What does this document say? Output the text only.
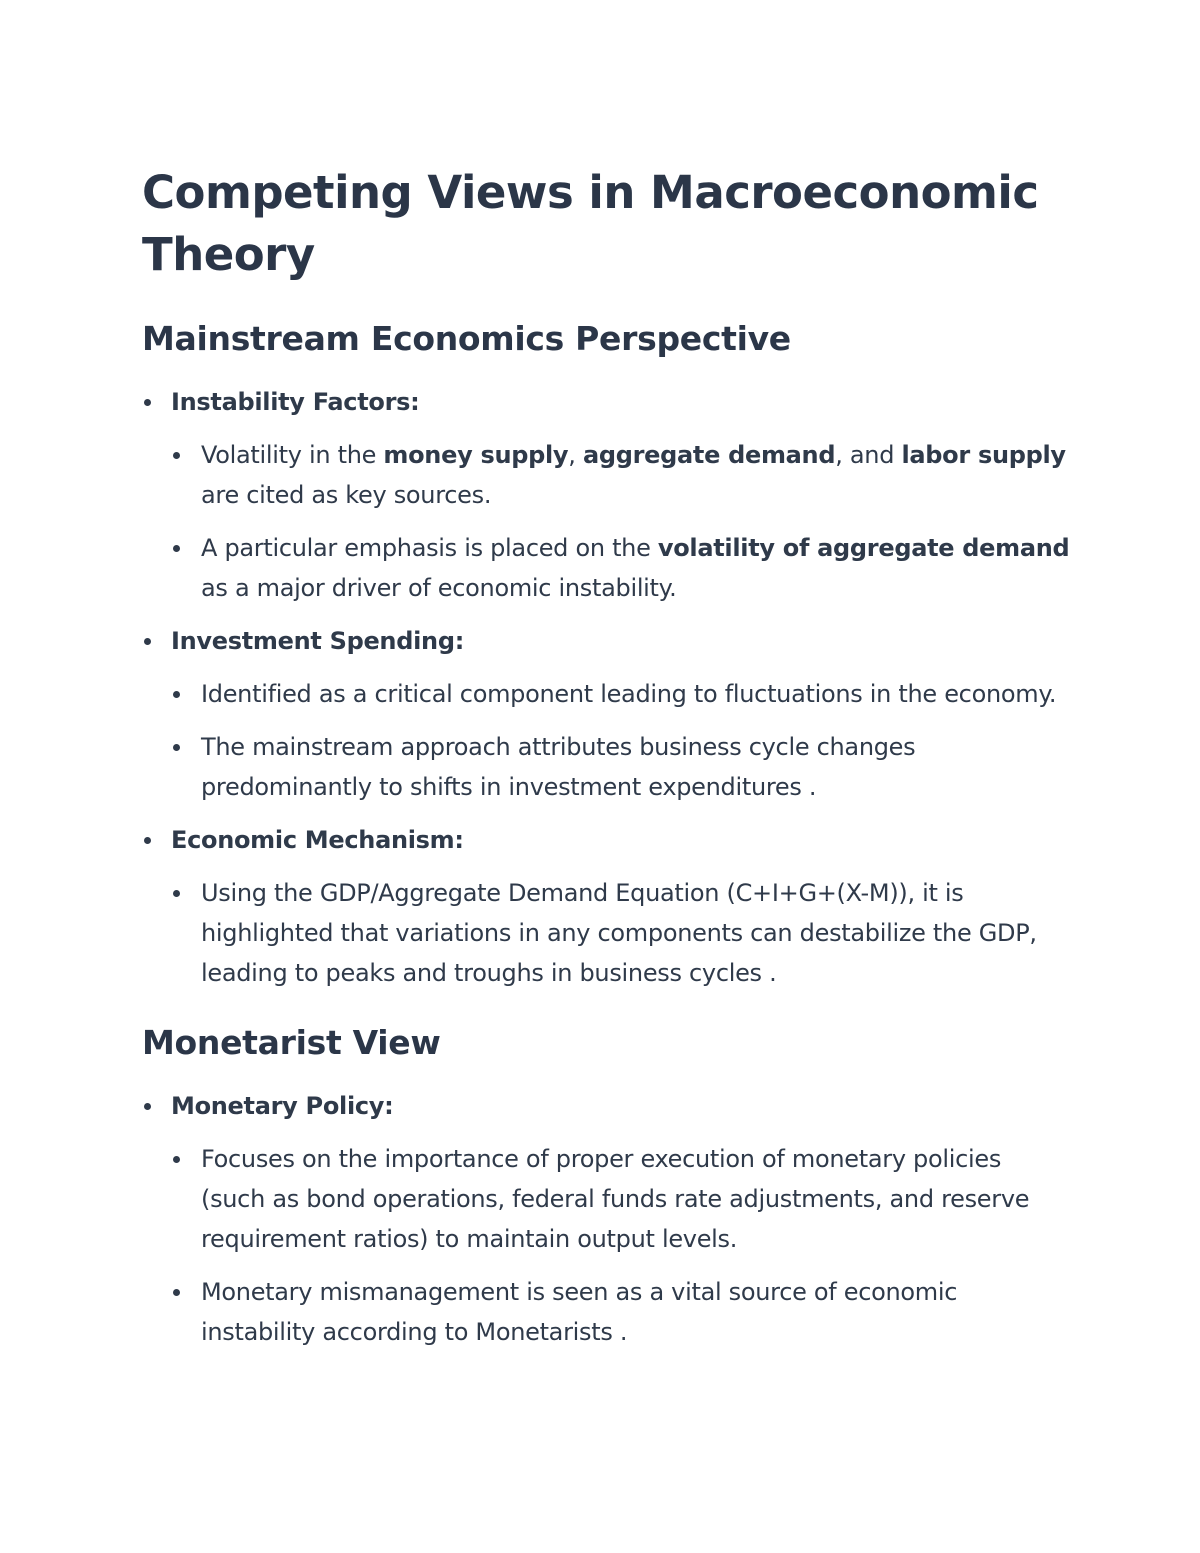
Competing Views in Macroeconomic Theory
Mainstream Economics Perspective
Instability Factors:
Volatility in the money supply, aggregate demand, and labor supply are cited as key sources.
A particular emphasis is placed on the volatility of aggregate demand as a major driver of economic instability.
Investment Spending:
Identified as a critical component leading to fluctuations in the economy.
The mainstream approach attributes business cycle changes predominantly to shifts in investment expenditures .
Economic Mechanism:
Using the GDP/Aggregate Demand Equation (C+I+G+(X-M)), it is highlighted that variations in any components can destabilize the GDP, leading to peaks and troughs in business cycles .
Monetarist View
Monetary Policy:
Focuses on the importance of proper execution of monetary policies (such as bond operations, federal funds rate adjustments, and reserve requirement ratios) to maintain output levels.
Monetary mismanagement is seen as a vital source of economic instability according to Monetarists .
